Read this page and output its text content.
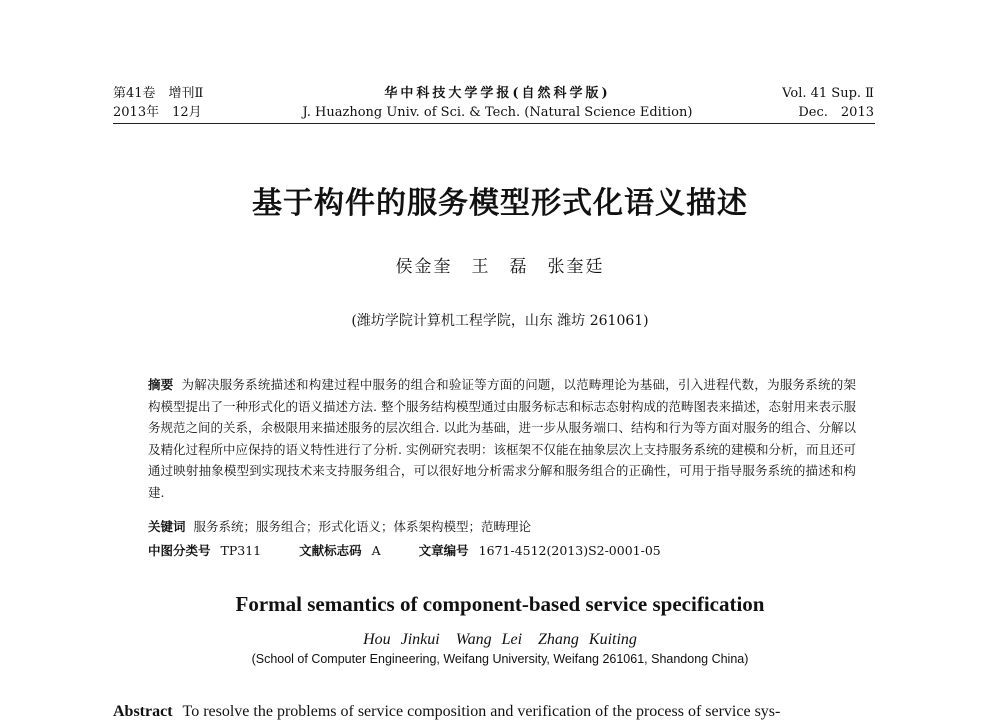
第41卷　增刊Ⅱ
2013年　12月
华中科技大学学报(自然科学版)
J. Huazhong Univ. of Sci. & Tech. (Natural Science Edition)
Vol. 41 Sup. Ⅱ
Dec.　2013
基于构件的服务模型形式化语义描述
侯金奎　王　磊　张奎廷
(潍坊学院计算机工程学院，山东 潍坊 261061)
摘要 为解决服务系统描述和构建过程中服务的组合和验证等方面的问题，以范畴理论为基础，引入进程代数，为服务系统的架构模型提出了一种形式化的语义描述方法. 整个服务结构模型通过由服务标志和标志态射构成的范畴图表来描述，态射用来表示服务规范之间的关系，余极限用来描述服务的层次组合. 以此为基础，进一步从服务端口、结构和行为等方面对服务的组合、分解以及精化过程所中应保持的语义特性进行了分析. 实例研究表明：该框架不仅能在抽象层次上支持服务系统的建模和分析，而且还可通过映射抽象模型到实现技术来支持服务组合，可以很好地分析需求分解和服务组合的正确性，可用于指导服务系统的描述和构建.
关键词 服务系统；服务组合；形式化语义；体系架构模型；范畴理论
中图分类号 TP311	文献标志码 A	文章编号 1671-4512(2013)S2-0001-05
Formal semantics of component-based service specification
Hou Jinkui　Wang Lei　Zhang Kuiting
(School of Computer Engineering, Weifang University, Weifang 261061, Shandong China)
Abstract To resolve the problems of service composition and verification of the process of service sys-
